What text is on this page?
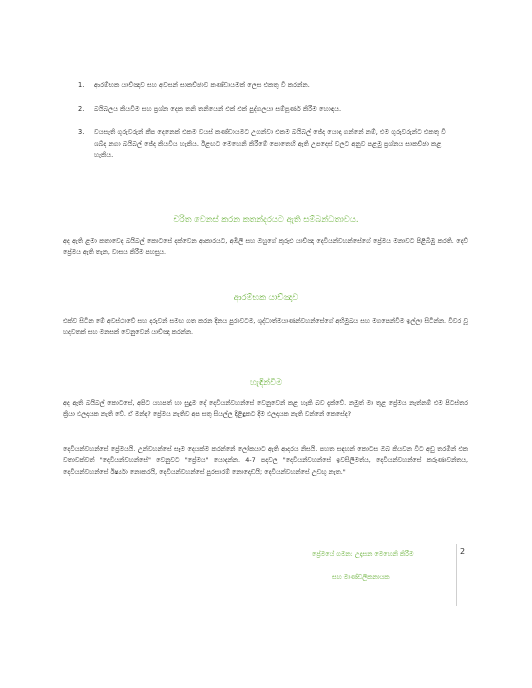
1.	ආරම්භක යාච්ඤාව සහ අවසන් සාකච්ඡාව කණ්ඩායමක් ලෙස එකතු වී කරන්න.
2.	බයිබලය කියවීම සහ ප්‍රශ්න දෙක තනි තනියෙන් එක් එක් පුද්ගලයා සම්පූර්ණ කිරීම හොඳය.
3.	වයසැති ගුරුවරුන් කීප දෙනෙක් එකම වයස් කණ්ඩායමට උගන්වා එකම බයිබල් ජේද යොදා ගන්නේ නම්, එම ගුරුවරුන්ට එකතු වී ශබ්ද නගා බයිබල් ජේද කියවිය හැකිය. ඊළඟට මෙහෙනි කිරීමේ පොතෙහි ඇති උපදෙස් වලට අනුව පළමු ප්‍රශ්නය සාකච්ඡා කළ හැකිය.
චරිත වෙනස් කරන කතන්දරයට ඇති සම්බන්ධතාවය.

අද ඇති ළමා කතාවෙද බයිබල් කොටසේ දක්වෙන ආකාරයට, අඹිලි සහ ඔහුගේ කුරුළු යාච්ඤා දෙවියන්වහන්සේගේ ප්‍රේමය මනාවට පිළිබිඹු කරති. දෙව් ප්‍රේමය ඇති තැන, වාසය කිරීම පහසුය.

ආරම්භක යාච්ඤාව

එක්ව සිටින මේ අවස්ථාවේ සහ දරුවන් සමඟ ගත කරන දිනය පුරාවටම, ශුද්ධාත්මයාණන්වහන්සේගේ අභිමුඛය සහ මගපෙන්වීම ඉල්ලා සිටින්න. විවර වූ හදවතක් සහ මනසක් වෙනුවෙන් යාච්ඤා කරන්න.

හැඳින්වීම

අද ඇති බයිබල් කොටසේ, අපිට යහපත් හා සුදුම දේ දෙවියන්වහන්සේ වෙනුවෙන් කළ හැකි බව දැක්වේ. නමුත් මා තුළ ප්‍රේමය නැත්නම් එම පිටස්තර ක්‍රියා ඵලදායක නැති වේ. ඒ මන්ද? ප්‍රේමය නැතිව අප සතු සියල්ල දිළිඳුකට දීම ඵලදායක නැති වන්නේ කෙසේද?

දෙවියන්වහන්සේ ප්‍රේමයයි. උන්වහන්සේ සෑම දෙයක්ම කරන්නේ ලෝකයාට ඇති ආදරය නිසයි. පහත සඳහන් කොටස ඔබ කියවන විට අඩු තරමින් එක වතාවක්වත් "දෙවියන්වහන්සේ" වෙනුවට "ප්‍රේමය" යොදන්න. 4-7 පදවල "දෙවියන්වහන්සේ ඉවසිලිමත්ය, දෙවියන්වහන්සේ කරුණාවන්තය, දෙවියන්වහන්සේ ඊර්ෂ්‍යා නොකරයි, දෙවියන්වහන්සේ පුරසාරම් නොදොඩයි; දෙවියන්වහන්සේ උඩඟු නැත."

ප්‍රේමයේ ගමන: උදෑසන මෙහෙනි කිරීම
සහ මාණ්ඩලිකනායක
2
